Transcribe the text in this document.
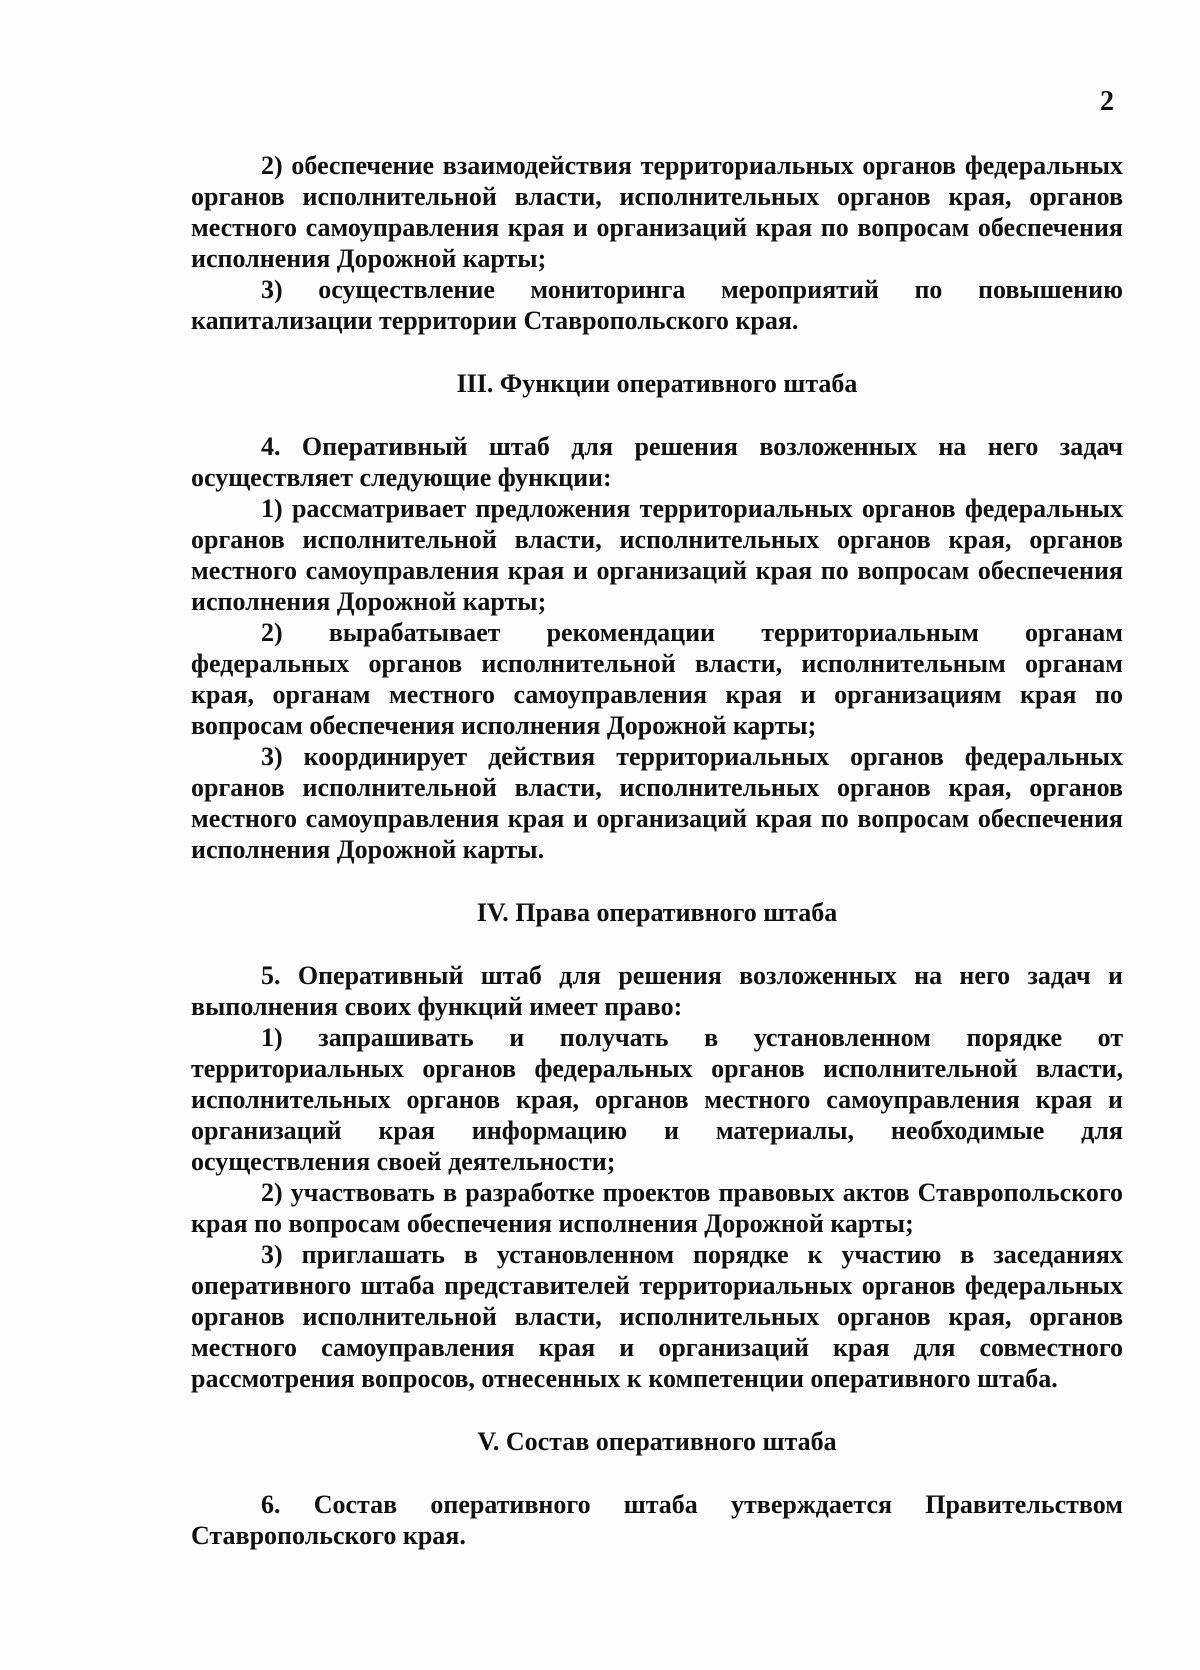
2

2) обеспечение взаимодействия территориальных органов федеральных органов исполнительной власти, исполнительных органов края, органов местного самоуправления края и организаций края по вопросам обеспечения исполнения Дорожной карты;

3) осуществление мониторинга мероприятий по повышению капитализации территории Ставропольского края.

III. Функции оперативного штаба

4. Оперативный штаб для решения возложенных на него задач осуществляет следующие функции:

1) рассматривает предложения территориальных органов федеральных органов исполнительной власти, исполнительных органов края, органов местного самоуправления края и организаций края по вопросам обеспечения исполнения Дорожной карты;

2) вырабатывает рекомендации территориальным органам федеральных органов исполнительной власти, исполнительным органам края, органам местного самоуправления края и организациям края по вопросам обеспечения исполнения Дорожной карты;

3) координирует действия территориальных органов федеральных органов исполнительной власти, исполнительных органов края, органов местного самоуправления края и организаций края по вопросам обеспечения исполнения Дорожной карты.

IV. Права оперативного штаба

5. Оперативный штаб для решения возложенных на него задач и выполнения своих функций имеет право:

1) запрашивать и получать в установленном порядке от территориальных органов федеральных органов исполнительной власти, исполнительных органов края, органов местного самоуправления края и организаций края информацию и материалы, необходимые для осуществления своей деятельности;

2) участвовать в разработке проектов правовых актов Ставропольского края по вопросам обеспечения исполнения Дорожной карты;

3) приглашать в установленном порядке к участию в заседаниях оперативного штаба представителей территориальных органов федеральных органов исполнительной власти, исполнительных органов края, органов местного самоуправления края и организаций края для совместного рассмотрения вопросов, отнесенных к компетенции оперативного штаба.

V. Состав оперативного штаба

6. Состав оперативного штаба утверждается Правительством Ставропольского края.
